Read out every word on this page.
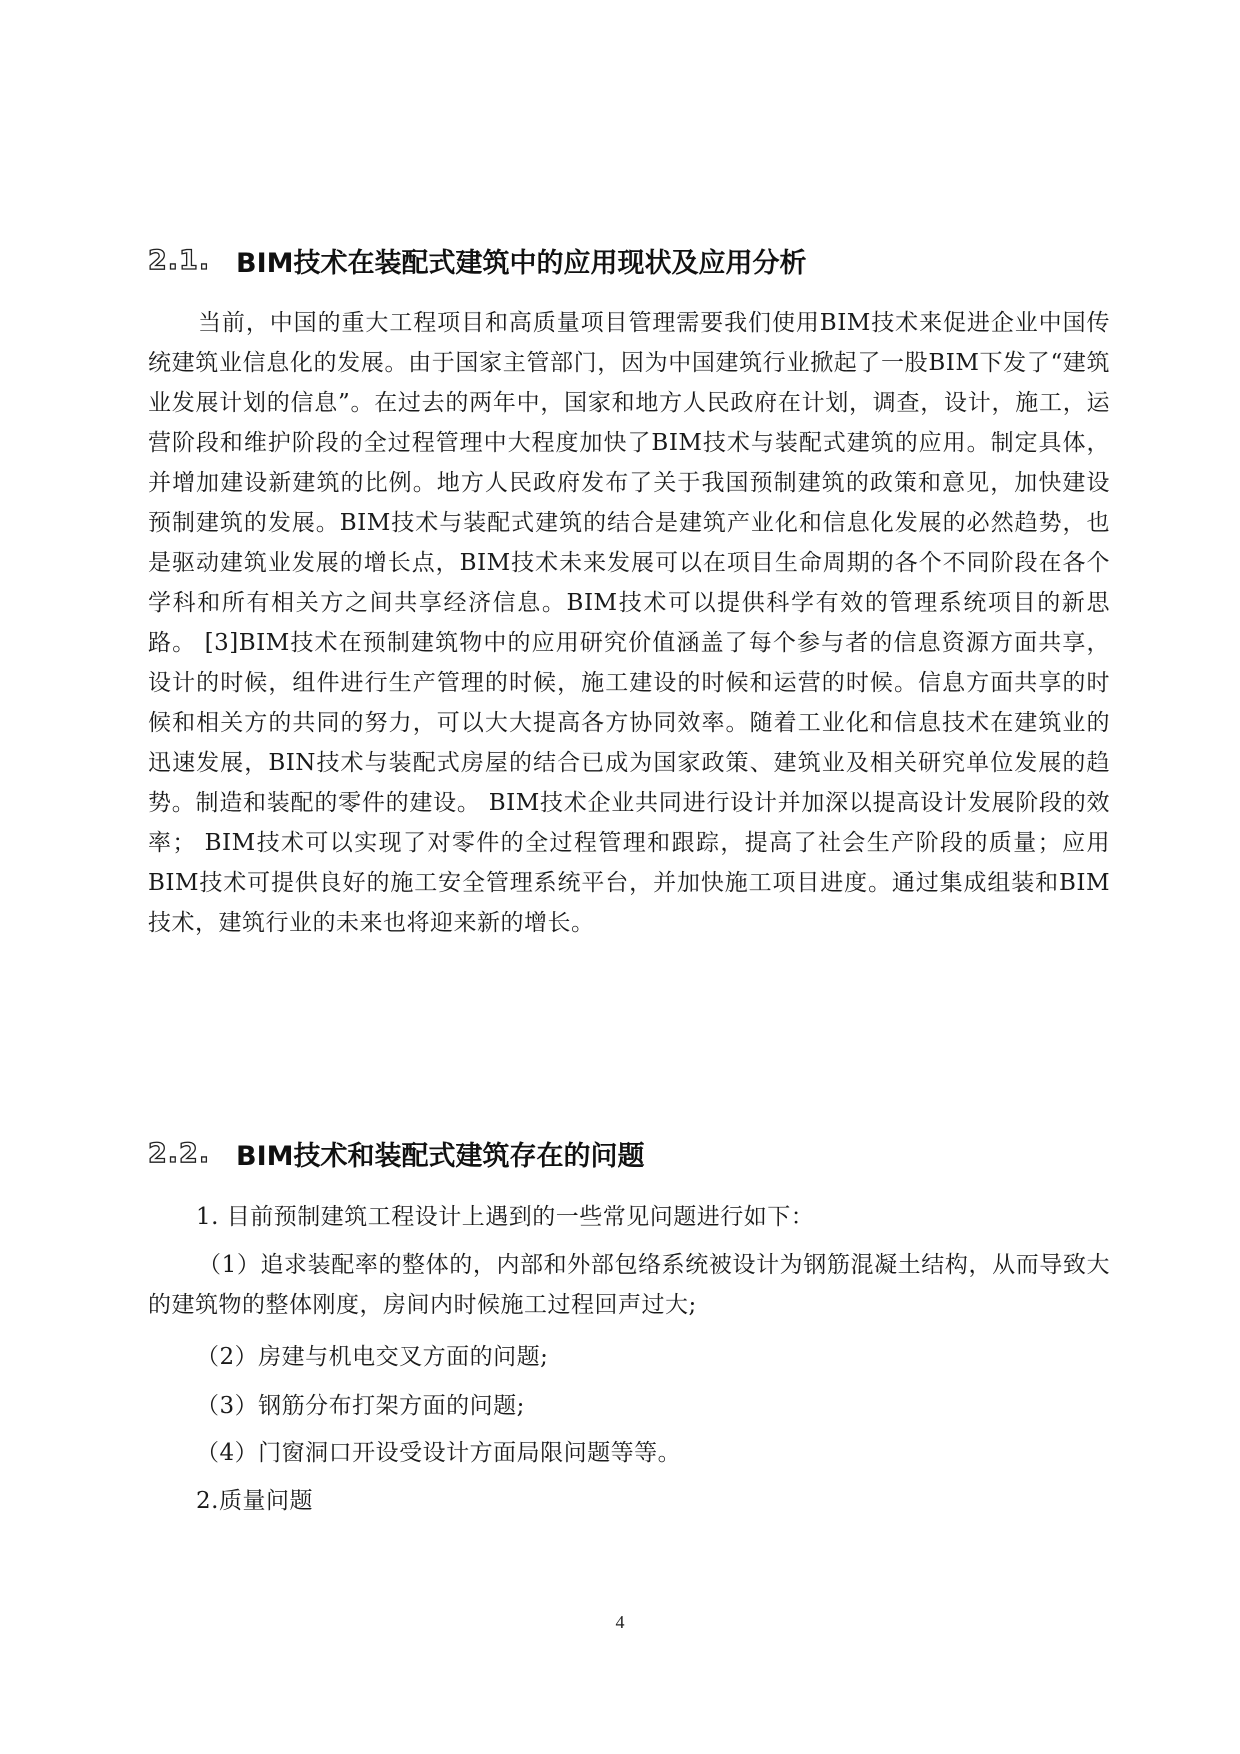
2.1. BIM技术在装配式建筑中的应用现状及应用分析

当前，中国的重大工程项目和高质量项目管理需要我们使用BIM技术来促进企业中国传统建筑业信息化的发展。由于国家主管部门，因为中国建筑行业掀起了一股BIM下发了“建筑业发展计划的信息”。在过去的两年中，国家和地方人民政府在计划，调查，设计，施工，运营阶段和维护阶段的全过程管理中大程度加快了BIM技术与装配式建筑的应用。制定具体，并增加建设新建筑的比例。地方人民政府发布了关于我国预制建筑的政策和意见，加快建设预制建筑的发展。BIM技术与装配式建筑的结合是建筑产业化和信息化发展的必然趋势，也是驱动建筑业发展的增长点，BIM技术未来发展可以在项目生命周期的各个不同阶段在各个学科和所有相关方之间共享经济信息。BIM技术可以提供科学有效的管理系统项目的新思路。 [3]BIM技术在预制建筑物中的应用研究价值涵盖了每个参与者的信息资源方面共享，设计的时候，组件进行生产管理的时候，施工建设的时候和运营的时候。信息方面共享的时候和相关方的共同的努力，可以大大提高各方协同效率。随着工业化和信息技术在建筑业的迅速发展，BIN技术与装配式房屋的结合已成为国家政策、建筑业及相关研究单位发展的趋势。制造和装配的零件的建设。 BIM技术企业共同进行设计并加深以提高设计发展阶段的效率； BIM技术可以实现了对零件的全过程管理和跟踪，提高了社会生产阶段的质量；应用BIM技术可提供良好的施工安全管理系统平台，并加快施工项目进度。通过集成组装和BIM技术，建筑行业的未来也将迎来新的增长。

2.2. BIM技术和装配式建筑存在的问题

1. 目前预制建筑工程设计上遇到的一些常见问题进行如下：

（1）追求装配率的整体的，内部和外部包络系统被设计为钢筋混凝土结构，从而导致大的建筑物的整体刚度，房间内时候施工过程回声过大;

（2）房建与机电交叉方面的问题;

（3）钢筋分布打架方面的问题;

（4）门窗洞口开设受设计方面局限问题等等。

2.质量问题

4
